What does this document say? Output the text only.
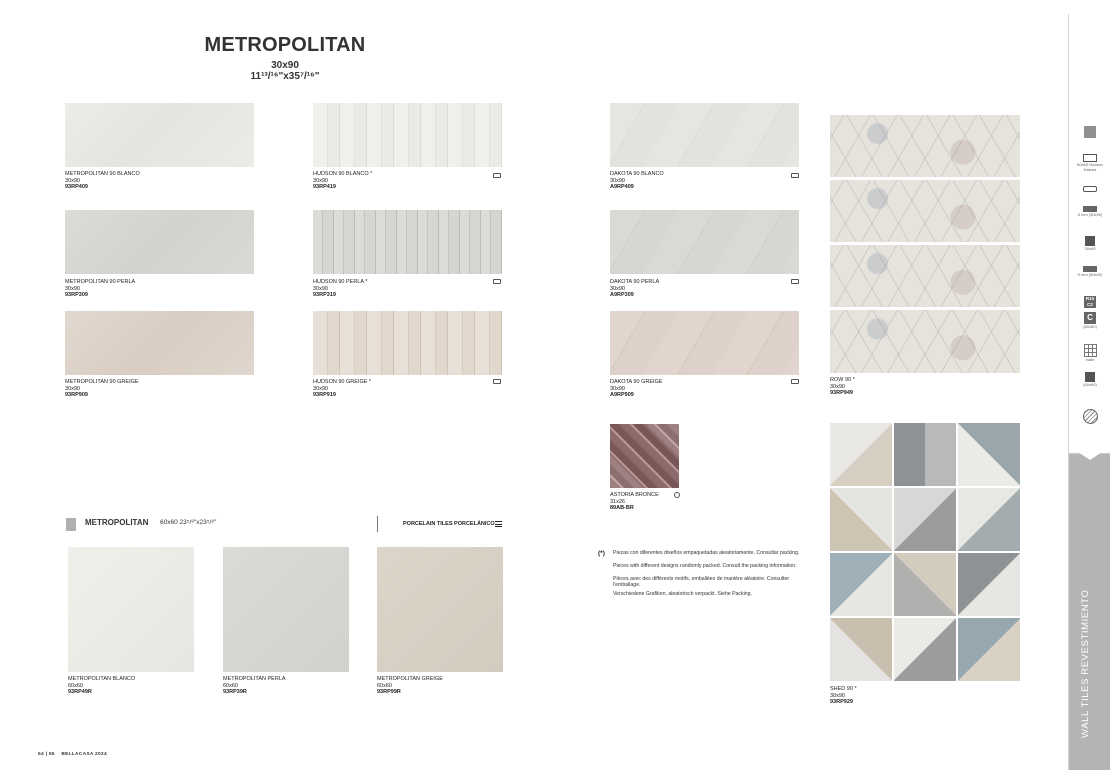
METROPOLITAN
30x90
11¹³/¹⁶"x35⁷/¹⁶"
METROPOLITAN 90 BLANCO
30x90
93RP409
METROPOLITAN 90 PERLA
30x90
93RP309
METROPOLITAN 90 GREIGE
30x90
93RP909
HUDSON 90 BLANCO *
30x90
93RP419
HUDSON 90 PERLA *
30x90
93RP319
HUDSON 90 GREIGE *
30x90
93RP919
DAKOTA 90 BLANCO
30x90
A9RP409
DAKOTA 90 PERLA
30x90
A9RP309
DAKOTA 90 GREIGE
30x90
A9RP909
ROW 90 *
30x90
93RP949
ASTORIA BRONCE
31x26
89AB-BR
SHED 90 *
30x90
93RP929
METROPOLITAN 60x60 23⁵/⁸"x23⁵/⁸"	PORCELAIN TILES PORCELÁNICO
METROPOLITAN BLANCO
60x60
93RP49R
METROPOLITAN PERLA
60x60
93RP39R
METROPOLITAN GREIGE
60x60
93RP99R
(*) Piezas con diferentes diseños empaquetadas aleatoriamente. Consultar packing.
Pieces with different designs randomly packed. Consult the packing information.
Pièces avec des différents motifs, emballées de manière aléatoire. Consulter l'emballage.
Verschiedene Grafiken, aleatorisch verpackt. Siehe Packing.
54 | 55 BELLACASA 2024
60x60 Hudson Dakota
8 mm (30x90)
30x90
9 mm (60x60)
R10 C2
C
(60x60)
mate
(60x60)
WALL TILES REVESTIMIENTO
